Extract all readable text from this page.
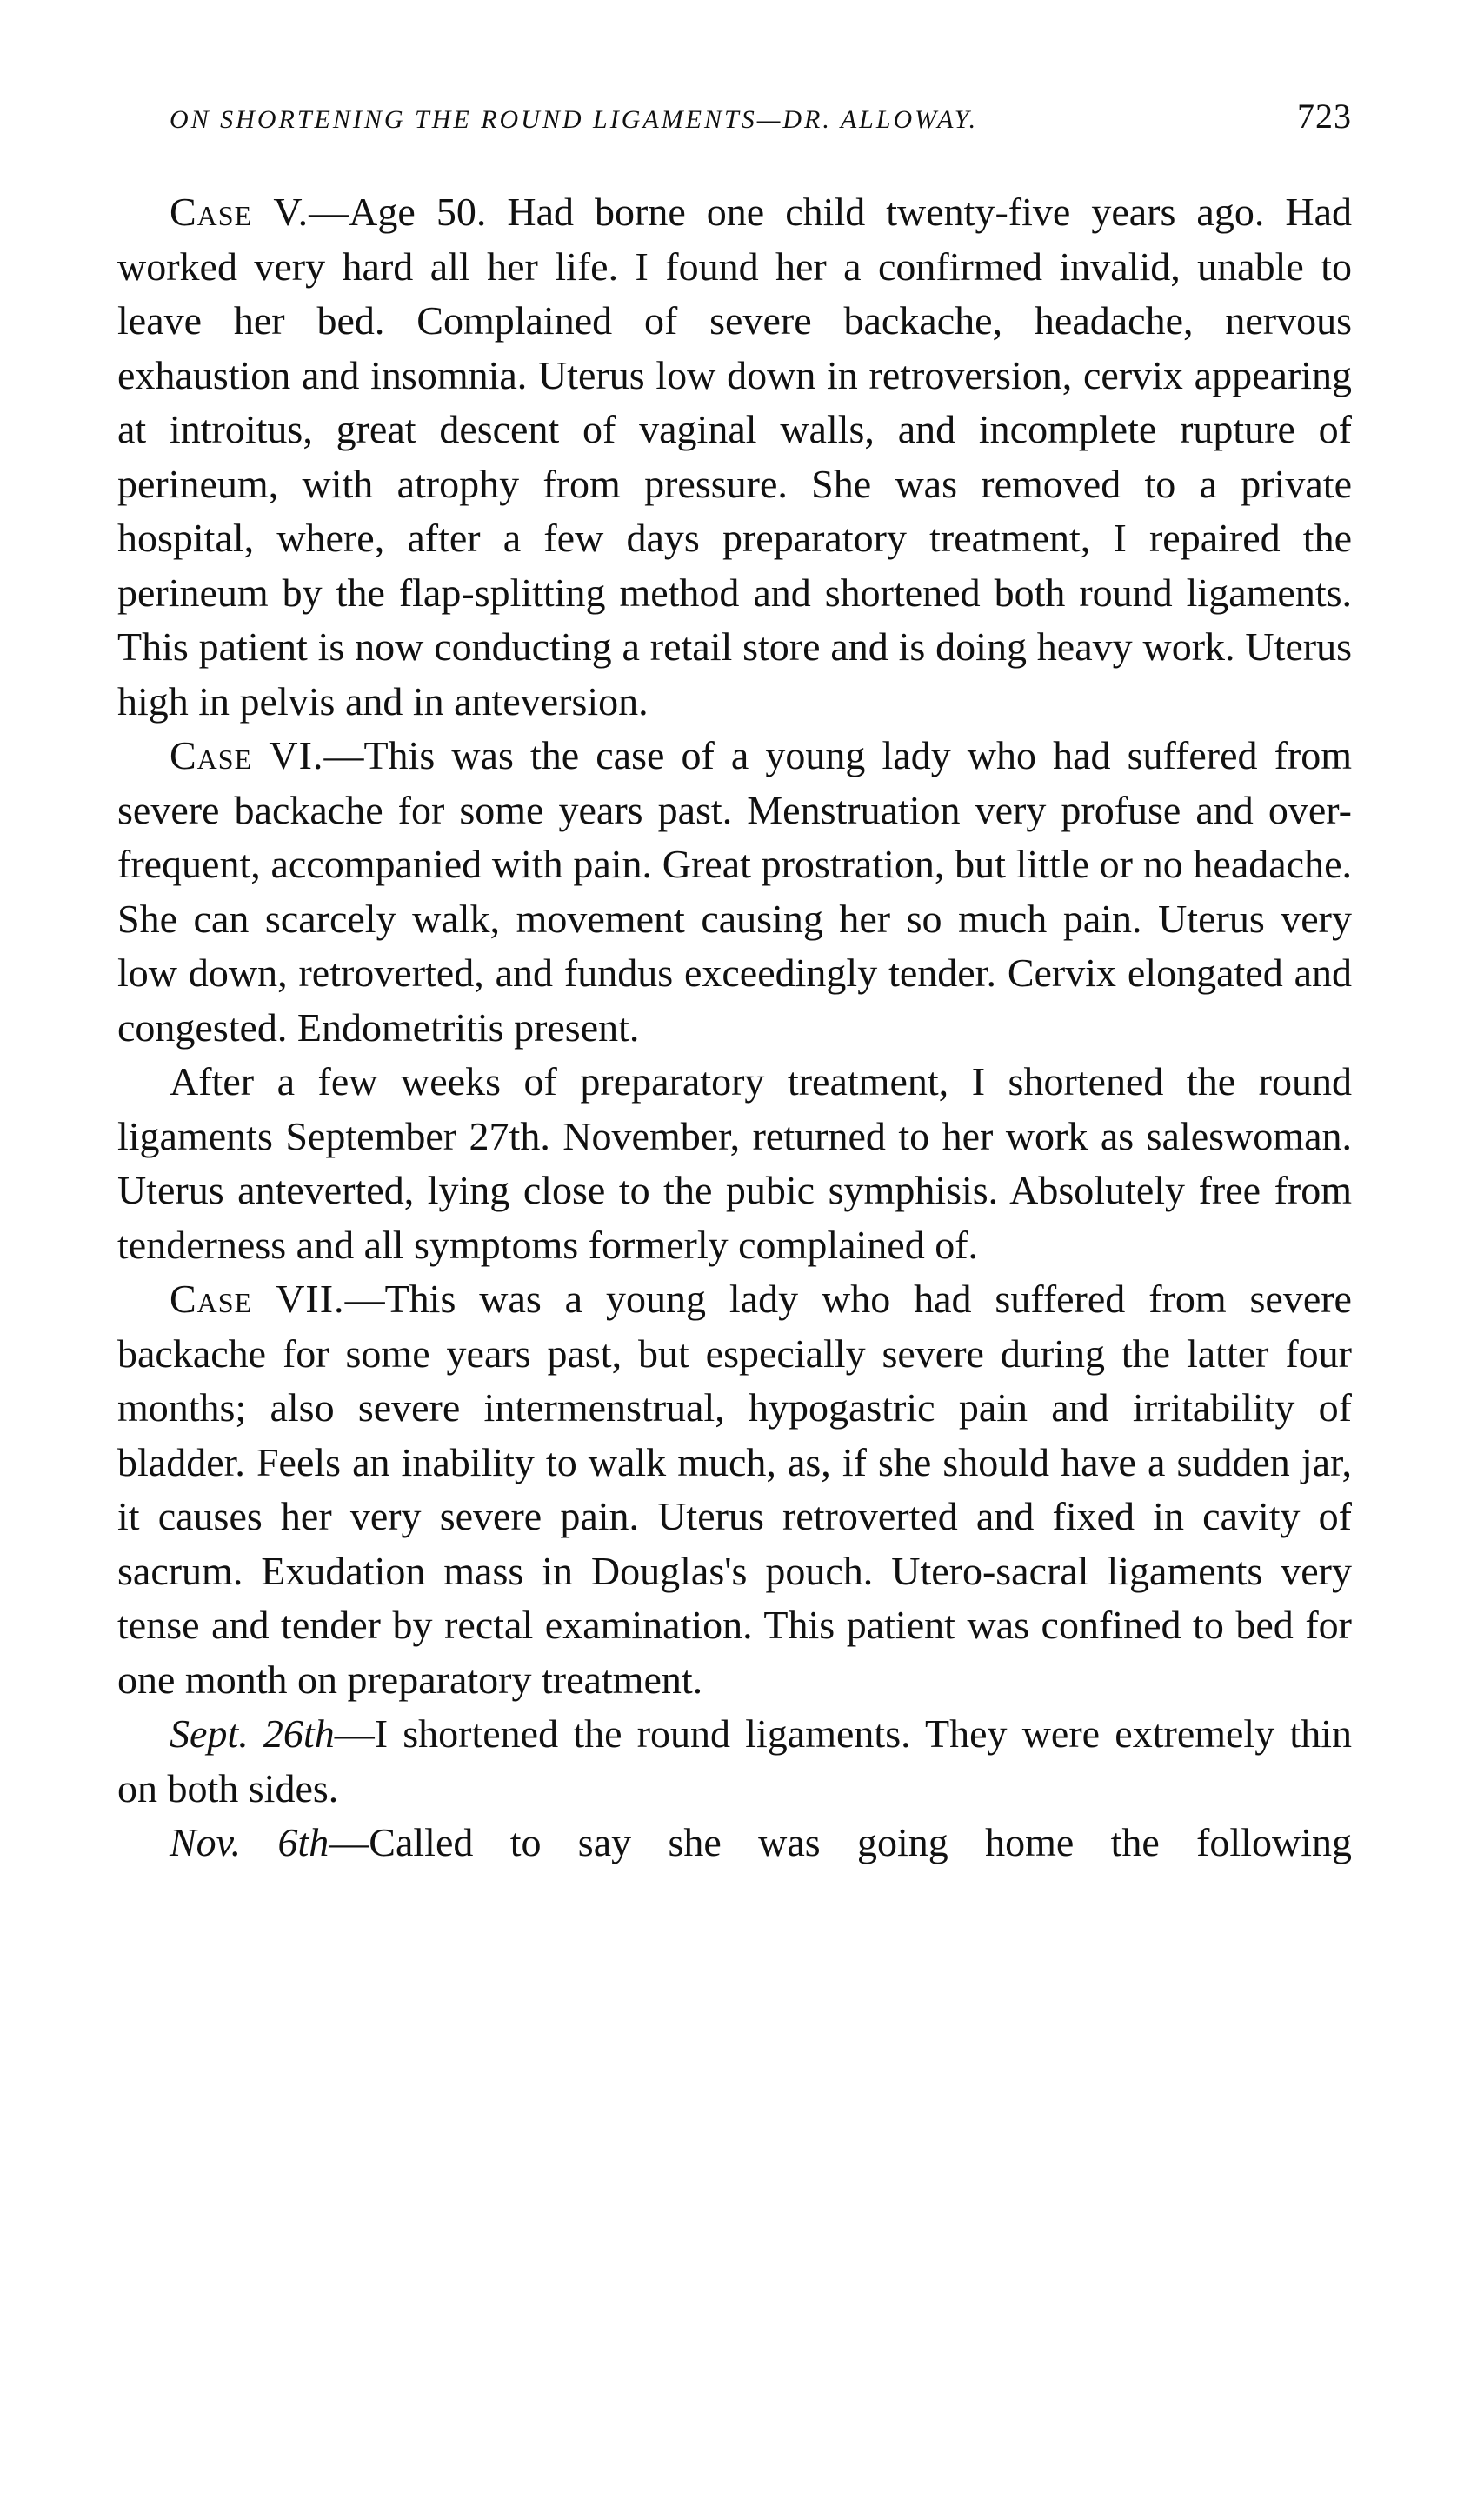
ON SHORTENING THE ROUND LIGAMENTS—DR. ALLOWAY.	723

Case V.—Age 50. Had borne one child twenty-five years ago. Had worked very hard all her life. I found her a confirmed invalid, unable to leave her bed. Complained of severe backache, headache, nervous exhaustion and insomnia. Uterus low down in retroversion, cervix appearing at introitus, great descent of vaginal walls, and incomplete rupture of perineum, with atrophy from pressure. She was removed to a private hospital, where, after a few days preparatory treatment, I repaired the perineum by the flap-splitting method and shortened both round ligaments. This patient is now conducting a retail store and is doing heavy work. Uterus high in pelvis and in anteversion.

Case VI.—This was the case of a young lady who had suffered from severe backache for some years past. Menstruation very profuse and over-frequent, accompanied with pain. Great prostration, but little or no headache. She can scarcely walk, movement causing her so much pain. Uterus very low down, retroverted, and fundus exceedingly tender. Cervix elongated and congested. Endometritis present.

After a few weeks of preparatory treatment, I shortened the round ligaments September 27th. November, returned to her work as saleswoman. Uterus anteverted, lying close to the pubic symphisis. Absolutely free from tenderness and all symptoms formerly complained of.

Case VII.—This was a young lady who had suffered from severe backache for some years past, but especially severe during the latter four months; also severe intermenstrual, hypogastric pain and irritability of bladder. Feels an inability to walk much, as, if she should have a sudden jar, it causes her very severe pain. Uterus retroverted and fixed in cavity of sacrum. Exudation mass in Douglas's pouch. Utero-sacral ligaments very tense and tender by rectal examination. This patient was confined to bed for one month on preparatory treatment.

Sept. 26th—I shortened the round ligaments. They were extremely thin on both sides.

Nov. 6th—Called to say she was going home the following
